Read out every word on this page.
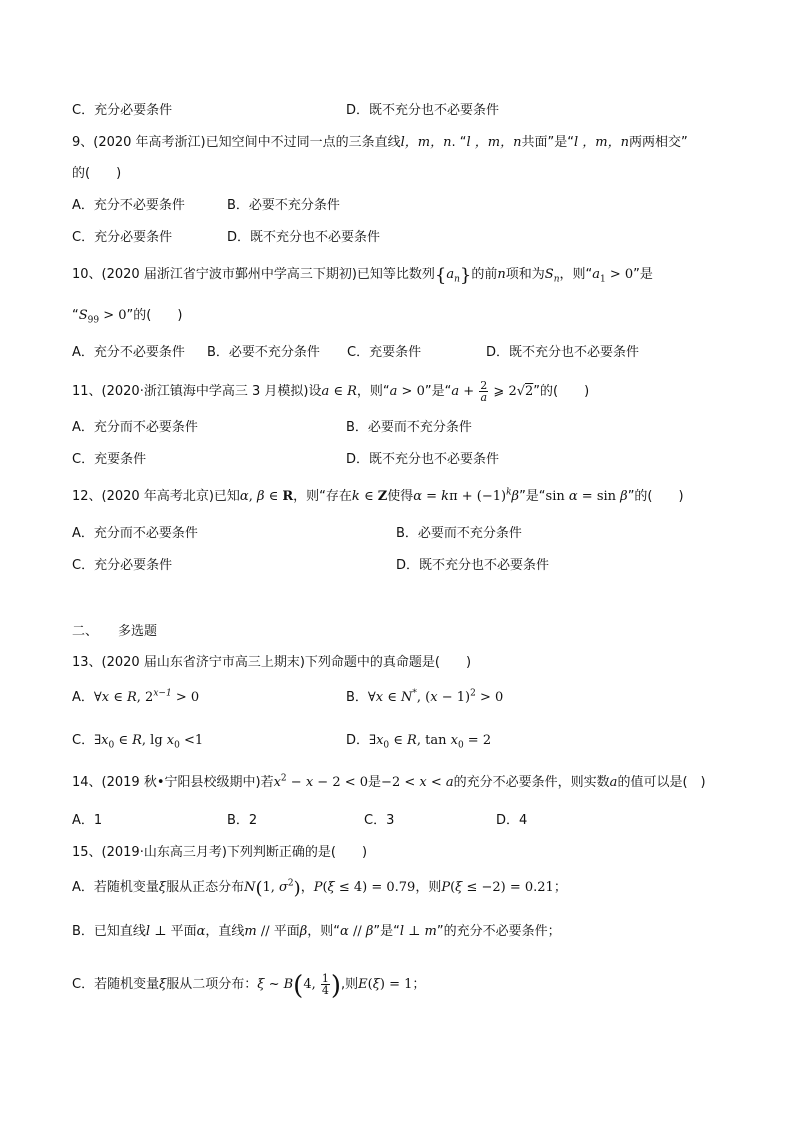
C．充分必要条件	D．既不充分也不必要条件
9、(2020 年高考浙江)已知空间中不过同一点的三条直线l，m，n. “l ，m，n共面”是“l ，m，n两两相交”
的(　　)
A．充分不必要条件	B．必要不充分条件
C．充分必要条件	D．既不充分也不必要条件
10、(2020 届浙江省宁波市鄞州中学高三下期初)已知等比数列$\{a_n\}$的前n项和为$S_n$，则“$a_1 > 0$”是
“$S_{99} > 0$”的(　　)
A．充分不必要条件 B．必要不充分条件 C．充要条件	D．既不充分也不必要条件
11、(2020·浙江镇海中学高三 3 月模拟)设a ∈ R，则“a > 0”是“$a + \frac{2}{a}$ ⩾ 2√2”的(　　)
A．充分而不必要条件	B．必要而不充分条件
C．充要条件	D．既不充分也不必要条件
12、(2020 年高考北京)已知α, β ∈ R，则“存在k ∈ Z使得$\alpha = k\pi + (-1)^k\beta$”是“sin α = sin β”的(　　)
A．充分而不必要条件	B．必要而不充分条件
C．充分必要条件	D．既不充分也不必要条件
二、 多选题
13、(2020 届山东省济宁市高三上期末)下列命题中的真命题是(　　)
A．∀x ∈ R, $2^{x-1} > 0$	B．∀x ∈ N*, $(x - 1)^2 > 0$
C．$\exists x_0$ ∈ R, $\lg x_0 <1$	D．$\exists x_0$ ∈ R, $\tan x_0 = 2$
14、(2019 秋•宁阳县校级期中)若$x^2 - x - 2 < 0$是−2 < x < a的充分不必要条件，则实数a的值可以是(　)
A．1	B．2	C．3	D．4
15、(2019·山东高三月考)下列判断正确的是(　　)
A．若随机变量ξ服从正态分布N(1, $\sigma^2$)，P(ξ ≤ 4) = 0.79，则P(ξ ≤ −2) = 0.21；
B．已知直线l ⊥ 平面α，直线m // 平面β，则“α // β”是“l ⊥ m”的充分不必要条件；
C．若随机变量ξ服从二项分布：ξ ~ B(4, $\frac{1}{4}$ ),则E(ξ) = 1；
